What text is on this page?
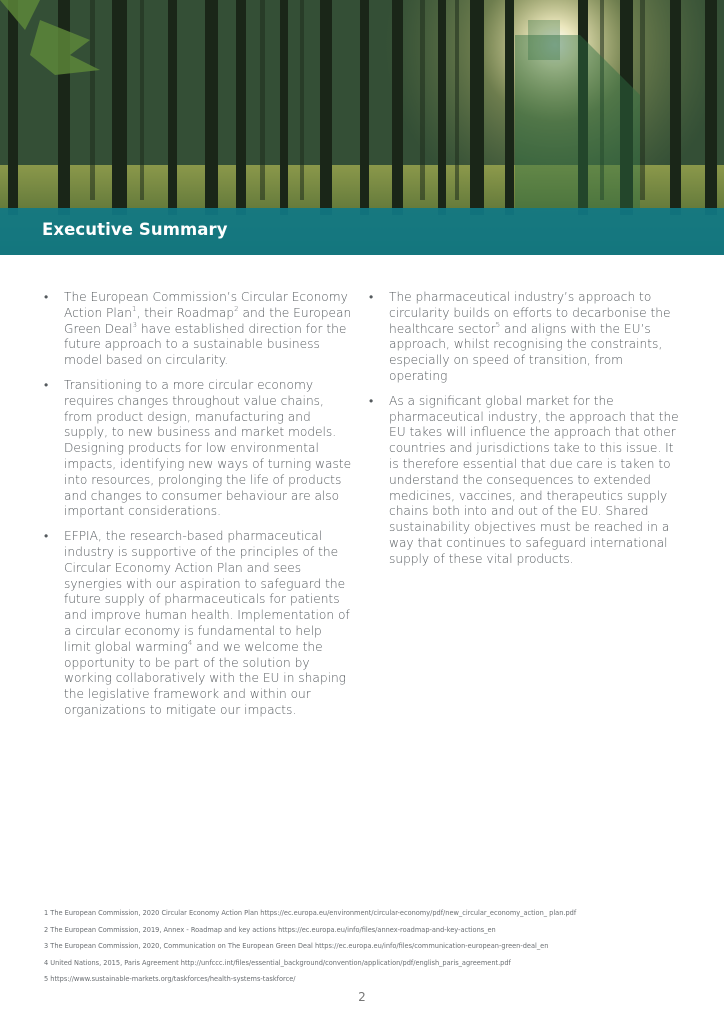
Executive Summary

• The European Commission’s Circular Economy Action Plan$^1$, their Roadmap$^2$ and the European Green Deal$^3$ have established direction for the future approach to a sustainable business model based on circularity.

• Transitioning to a more circular economy requires changes throughout value chains, from product design, manufacturing and supply, to new business and market models. Designing products for low environmental impacts, identifying new ways of turning waste into resources, prolonging the life of products and changes to consumer behaviour are also important considerations.

• EFPIA, the research-based pharmaceutical industry is supportive of the principles of the Circular Economy Action Plan and sees synergies with our aspiration to safeguard the future supply of pharmaceuticals for patients and improve human health. Implementation of a circular economy is fundamental to help limit global warming$^4$ and we welcome the opportunity to be part of the solution by working collaboratively with the EU in shaping the legislative framework and within our organizations to mitigate our impacts.

• The pharmaceutical industry’s approach to circularity builds on efforts to decarbonise the healthcare sector$^5$ and aligns with the EU’s approach, whilst recognising the constraints, especially on speed of transition, from operating

• As a significant global market for the pharmaceutical industry, the approach that the EU takes will influence the approach that other countries and jurisdictions take to this issue. It is therefore essential that due care is taken to understand the consequences to extended medicines, vaccines, and therapeutics supply chains both into and out of the EU. Shared sustainability objectives must be reached in a way that continues to safeguard international supply of these vital products.

1 The European Commission, 2020 Circular Economy Action Plan https://ec.europa.eu/environment/circular-economy/pdf/new_circular_economy_action_ plan.pdf
2 The European Commission, 2019, Annex - Roadmap and key actions https://ec.europa.eu/info/files/annex-roadmap-and-key-actions_en
3 The European Commission, 2020, Communication on The European Green Deal https://ec.europa.eu/info/files/communication-european-green-deal_en
4 United Nations, 2015, Paris Agreement http://unfccc.int/files/essential_background/convention/application/pdf/english_paris_agreement.pdf
5 https://www.sustainable-markets.org/taskforces/health-systems-taskforce/
2
